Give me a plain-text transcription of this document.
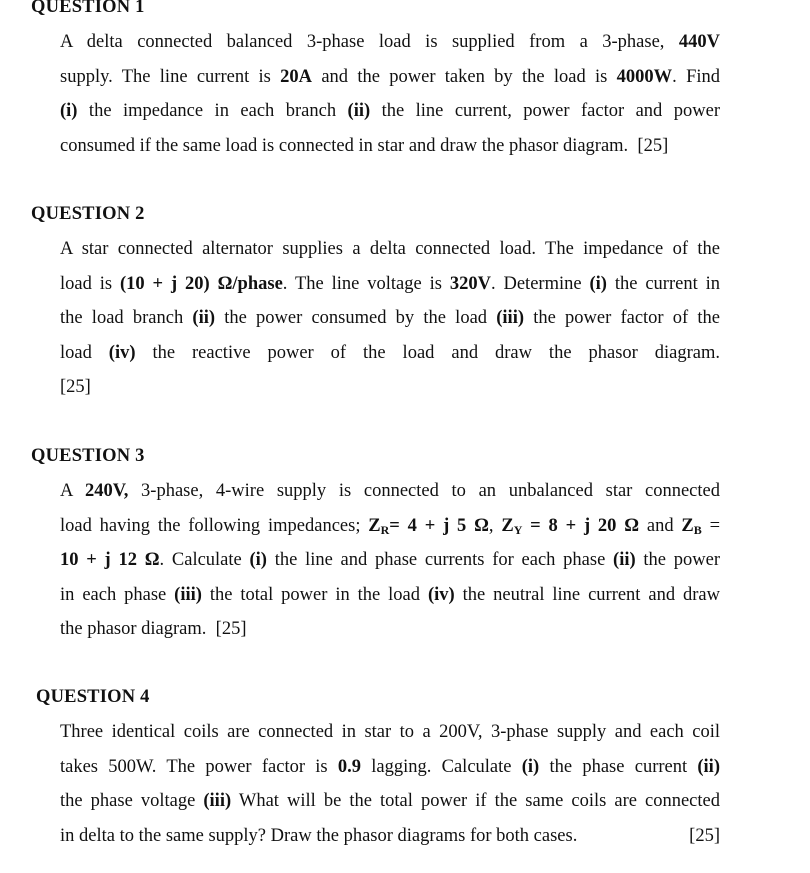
QUESTION 1
A delta connected balanced 3-phase load is supplied from a 3-phase, 440V
supply. The line current is 20A and the power taken by the load is 4000W. Find
(i) the impedance in each branch (ii) the line current, power factor and power
consumed if the same load is connected in star and draw the phasor diagram.  [25]
QUESTION 2
A star connected alternator supplies a delta connected load. The impedance of the
load is (10 + j 20) Ω/phase. The line voltage is 320V. Determine (i) the current in
the load branch (ii) the power consumed by the load (iii) the power factor of the
load (iv) the reactive power of the load and draw the phasor diagram.
[25]
QUESTION 3
A 240V, 3-phase, 4-wire supply is connected to an unbalanced star connected
load having the following impedances; $Z_R= 4 + j$ 5 Ω, $Z_Y = 8 + j$ 20 Ω and $Z_B$ =
10 + j 12 Ω. Calculate (i) the line and phase currents for each phase (ii) the power
in each phase (iii) the total power in the load (iv) the neutral line current and draw
the phasor diagram.  [25]
QUESTION 4
Three identical coils are connected in star to a 200V, 3-phase supply and each coil
takes 500W. The power factor is 0.9 lagging. Calculate (i) the phase current (ii)
the phase voltage (iii) What will be the total power if the same coils are connected
in delta to the same supply? Draw the phasor diagrams for both cases.	[25]
